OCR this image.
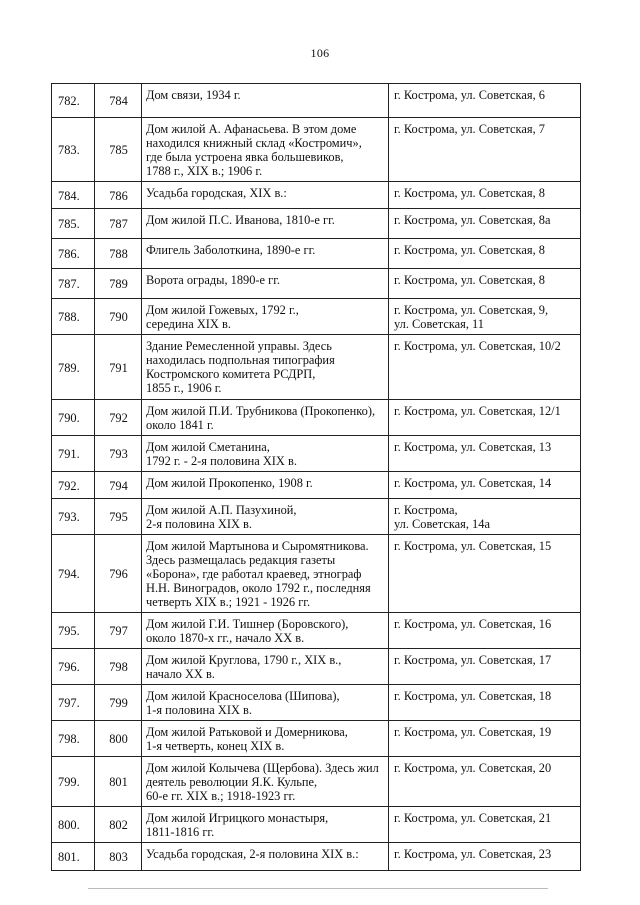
106
782.	784	Дом связи, 1934 г.	г. Кострома, ул. Советская, 6
783.	785	Дом жилой А. Афанасьева. В этом доме
находился книжный склад «Костромич»,
где была устроена явка большевиков,
1788 г., XIX в.; 1906 г.	г. Кострома, ул. Советская, 7
784.	786	Усадьба городская, XIX в.:	г. Кострома, ул. Советская, 8
785.	787	Дом жилой П.С. Иванова, 1810-е гг.	г. Кострома, ул. Советская, 8а
786.	788	Флигель Заболоткина, 1890-е гг.	г. Кострома, ул. Советская, 8
787.	789	Ворота ограды, 1890-е гг.	г. Кострома, ул. Советская, 8
788.	790	Дом жилой Гожевых, 1792 г.,
середина XIX в.	г. Кострома, ул. Советская, 9,
ул. Советская, 11
789.	791	Здание Ремесленной управы. Здесь
находилась подпольная типография
Костромского комитета РСДРП,
1855 г., 1906 г.	г. Кострома, ул. Советская, 10/2
790.	792	Дом жилой П.И. Трубникова (Прокопенко),
около 1841 г.	г. Кострома, ул. Советская, 12/1
791.	793	Дом жилой Сметанина,
1792 г. - 2-я половина XIX в.	г. Кострома, ул. Советская, 13
792.	794	Дом жилой Прокопенко, 1908 г.	г. Кострома, ул. Советская, 14
793.	795	Дом жилой А.П. Пазухиной,
2-я половина XIX в.	г. Кострома,
ул. Советская, 14а
794.	796	Дом жилой Мартынова и Сыромятникова.
Здесь размещалась редакция газеты
«Борона», где работал краевед, этнограф
Н.Н. Виноградов, около 1792 г., последняя
четверть XIX в.; 1921 - 1926 гг.	г. Кострома, ул. Советская, 15
795.	797	Дом жилой Г.И. Тишнер (Боровского),
около 1870-х гг., начало XX в.	г. Кострома, ул. Советская, 16
796.	798	Дом жилой Круглова, 1790 г., XIX в.,
начало XX в.	г. Кострома, ул. Советская, 17
797.	799	Дом жилой Красноселова (Шипова),
1-я половина XIX в.	г. Кострома, ул. Советская, 18
798.	800	Дом жилой Ратьковой и Домерникова,
1-я четверть, конец XIX в.	г. Кострома, ул. Советская, 19
799.	801	Дом жилой Колычева (Щербова). Здесь жил
деятель революции Я.К. Кульпе,
60-е гг. XIX в.; 1918-1923 гг.	г. Кострома, ул. Советская, 20
800.	802	Дом жилой Игрицкого монастыря,
1811-1816 гг.	г. Кострома, ул. Советская, 21
801.	803	Усадьба городская, 2-я половина XIX в.:	г. Кострома, ул. Советская, 23
